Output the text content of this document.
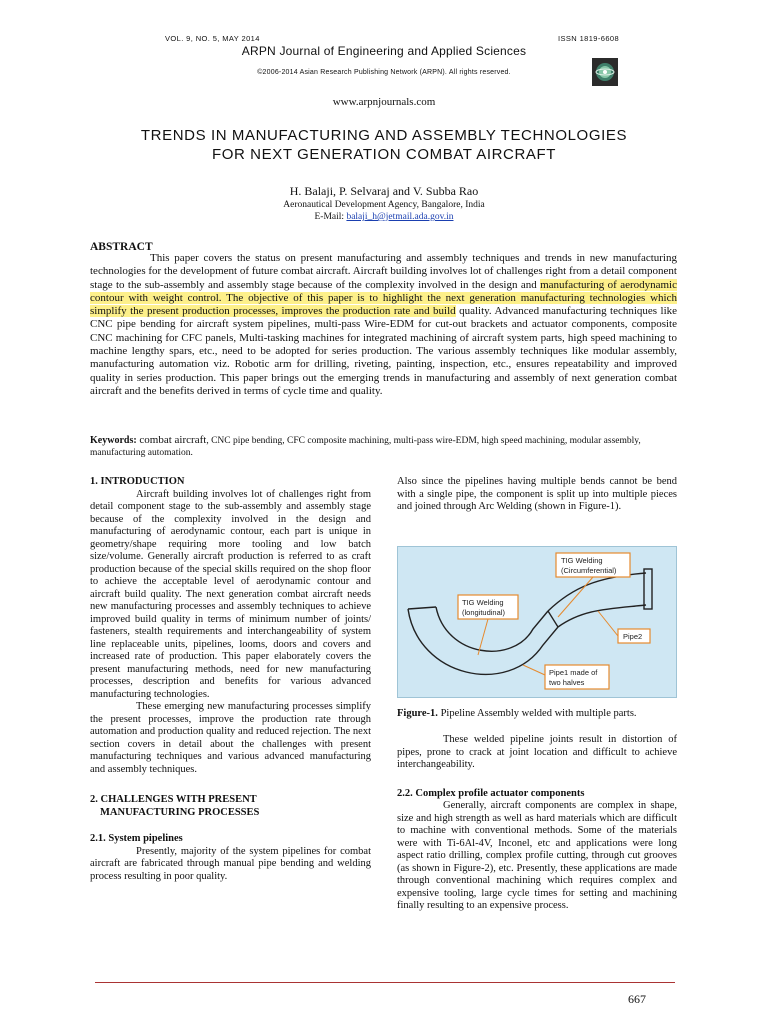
VOL. 9, NO. 5, MAY 2014	ISSN 1819-6608
ARPN Journal of Engineering and Applied Sciences
©2006-2014 Asian Research Publishing Network (ARPN). All rights reserved.
www.arpnjournals.com
TRENDS IN MANUFACTURING AND ASSEMBLY TECHNOLOGIES
FOR NEXT GENERATION COMBAT AIRCRAFT
H. Balaji, P. Selvaraj and V. Subba Rao
Aeronautical Development Agency, Bangalore, India
E-Mail: balaji_h@jetmail.ada.gov.in
ABSTRACT

This paper covers the status on present manufacturing and assembly techniques and trends in new manufacturing technologies for the development of future combat aircraft. Aircraft building involves lot of challenges right from a detail component stage to the sub-assembly and assembly stage because of the complexity involved in the design and manufacturing of aerodynamic contour with weight control. The objective of this paper is to highlight the next generation manufacturing technologies which simplify the present production processes, improves the production rate and build quality. Advanced manufacturing techniques like CNC pipe bending for aircraft system pipelines, multi-pass Wire-EDM for cut-out brackets and actuator components, composite CNC machining for CFC panels, Multi-tasking machines for integrated machining of aircraft system parts, high speed machining to machine lengthy spars, etc., need to be adopted for series production. The various assembly techniques like modular assembly, manufacturing automation viz. Robotic arm for drilling, riveting, painting, inspection, etc., ensures repeatability and improved quality in series production. This paper brings out the emerging trends in manufacturing and assembly of next generation combat aircraft and the benefits derived in terms of cycle time and quality.

Keywords: combat aircraft, CNC pipe bending, CFC composite machining, multi-pass wire-EDM, high speed machining, modular assembly, manufacturing automation.
1. INTRODUCTION

Aircraft building involves lot of challenges right from detail component stage to the sub-assembly and assembly stage because of the complexity involved in the design and manufacturing of aerodynamic contour, each part is unique in geometry/shape requiring more tooling and low batch size/volume. Generally aircraft production is referred to as craft production because of the special skills required on the shop floor to achieve the acceptable level of aerodynamic contour and aircraft build quality. The next generation combat aircraft needs new manufacturing processes and assembly techniques to achieve improved build quality in terms of minimum number of joints/ fasteners, stealth requirements and interchangeability of system line replaceable units, pipelines, looms, doors and covers and increased rate of production. This paper elaborately covers the present manufacturing methods, need for new manufacturing processes, description and benefits for various advanced manufacturing technologies.

These emerging new manufacturing processes simplify the present processes, improve the production rate through automation and production quality and reduced rejection. The next section covers in detail about the challenges with present manufacturing techniques and various advanced manufacturing and assembly techniques.

2. CHALLENGES WITH PRESENT
MANUFACTURING PROCESSES
2.1. System pipelines

Presently, majority of the system pipelines for combat aircraft are fabricated through manual pipe bending and welding process resulting in poor quality.

Also since the pipelines having multiple bends cannot be bend with a single pipe, the component is split up into multiple pieces and joined through Arc Welding (shown in Figure-1).

TIG Welding
(Circumferential)
TIG Welding
(longitudinal)
Pipe2
Pipe1 made of
two halves
Figure-1. Pipeline Assembly welded with multiple parts.

These welded pipeline joints result in distortion of pipes, prone to crack at joint location and difficult to achieve interchangeability.

2.2. Complex profile actuator components

Generally, aircraft components are complex in shape, size and high strength as well as hard materials which are difficult to machine with conventional methods. Some of the materials were with Ti-6Al-4V, Inconel, etc and applications were long aspect ratio drilling, complex profile cutting, through cut grooves (as shown in Figure-2), etc. Presently, these applications are made through conventional machining which requires complex and expensive tooling, large cycle times for setting and machining finally resulting to an expensive process.

667
